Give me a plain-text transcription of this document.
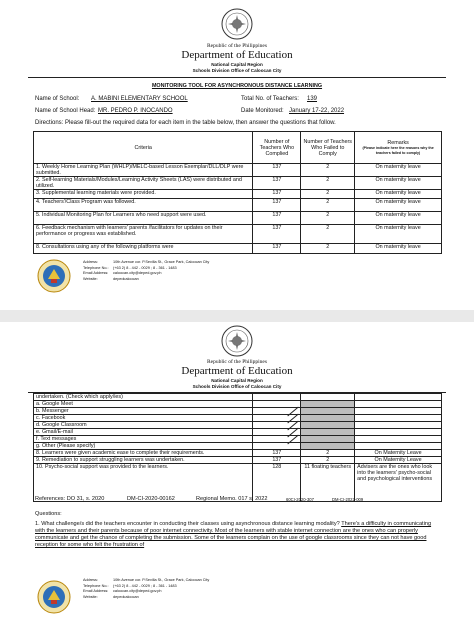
Republic of the Philippines
Department of Education
National Capital Region
Schools Division Office of Caloocan City
MONITORING TOOL FOR ASYNCHRONOUS DISTANCE LEARNING
Name of School: A. MABINI ELEMENTARY SCHOOL	Total No. of Teachers: 139
Name of School Head: MR. PEDRO P. INOCANDO	Date Monitored: January 17-22, 2022
Directions: Please fill-out the required data for each item in the table below, then answer the questions that follow.
Criteria	Number of Teachers Who Complied	Number of Teachers Who Failed to Comply	Remarks
(Please indicate here the reasons why the teachers failed to comply)

1. Weekly Home Learning Plan (WHLP)/MELC-based Lesson Exemplar/DLL/DLP were submitted.	137	2	On maternity leave
2. Self-learning Materials/Modules/Learning Activity Sheets (LAS) were distributed and utilized.	137	2	On maternity leave
3. Supplemental learning materials were provided.	137	2	On maternity leave
4. Teachers'/Class Program was followed.	137	2	On maternity leave
5. Individual Monitoring Plan for Learners who need support were used.	137	2	On maternity leave
6. Feedback mechanism with learners' parents /facilitators for updates on their performance or progress was established.	137	2	On maternity leave
8. Consultations using any of the following platforms were	137	2	On maternity leave
Address:	10th Avenue cor. P.Sevilla St., Grace Park, Caloocan City
Telephone No.: (+63 2) 8 - 442 - 0029 ; 8 - 361 - 1483
Email Address: caloocan.city@deped.gov.ph
Website:	depedcaloocan
Republic of the Philippines
Department of Education
National Capital Region
Schools Division Office of Caloocan City
undertaken. (Check which apply/ies)			
a. Google Meet			
b. Messenger			
c. Facebook			
d. Google Classroom			
e. Gmail/E-mail			
f. Text messages			
g. Other (Please specify)			
8. Learners were given academic ease to complete their requirements.	137	2	On Maternity Leave
9. Remediation to support struggling learners was undertaken.	137	2	On Maternity Leave
10. Psycho-social support was provided to the learners.	128	11 floating teachers	Advisers are the ones who look into the learners' psycho-social and psychological interventions
References: DO 31, s. 2020	DM-CI-2020-00162	Regional Memo. 017 s. 2022	60CI-2020-307	DM-CI-2022-009
Questions:
1. What challenge/s did the teachers encounter in conducting their classes using asynchronous distance learning modality? There's a difficulty in communicating with the learners and their parents because of poor internet connectivity. Most of the learners with stable internet connection are the ones who can properly communicate and get the chance of completing the submission. Some of the learners complain on the use of google classrooms since they can not have good reception for some who felt the frustration of
Address:	10th Avenue cor. P.Sevilla St., Grace Park, Caloocan City
Telephone No.: (+63 2) 8 - 442 - 0029 ; 8 - 361 - 1483
Email Address: caloocan.city@deped.gov.ph
Website:	depedcaloocan
